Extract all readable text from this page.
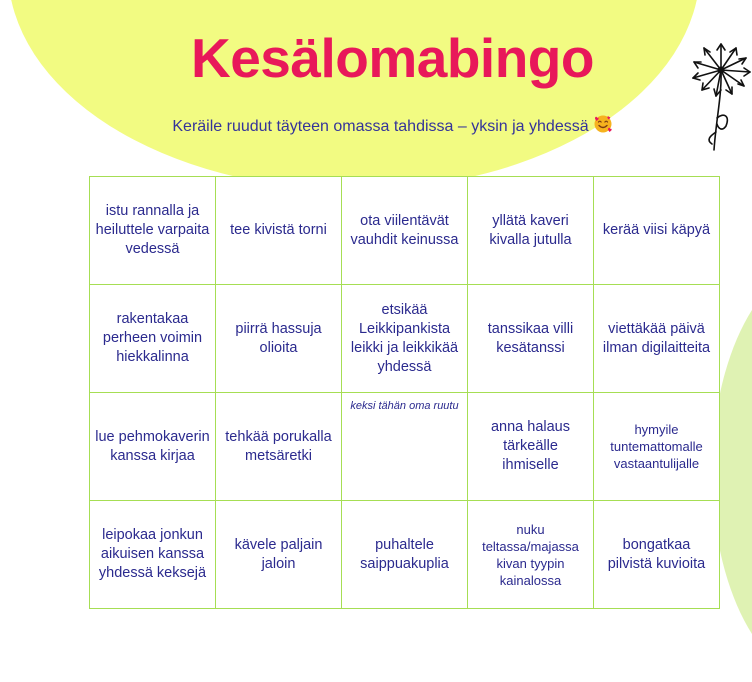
Kesälomabingo
Keräile ruudut täyteen omassa tahdissa – yksin ja yhdessä
istu rannalla ja heiluttele varpaita vedessä	tee kivistä torni	ota viilentävät vauhdit keinussa	yllätä kaveri kivalla jutulla	kerää viisi käpyä
rakentakaa perheen voimin hiekkalinna	piirrä hassuja olioita	etsikää Leikkipankista leikki ja leikkikää yhdessä	tanssikaa villi kesätanssi	viettäkää päivä ilman digilaitteita
lue pehmokaverin kanssa kirjaa	tehkää porukalla metsäretki	keksi tähän oma ruutu	anna halaus tärkeälle ihmiselle	hymyile tuntemattomalle vastaantulijalle
leipokaa jonkun aikuisen kanssa yhdessä keksejä	kävele paljain jaloin	puhaltele saippuakuplia	nuku teltassa/majassa kivan tyypin kainalossa	bongatkaa pilvistä kuvioita
